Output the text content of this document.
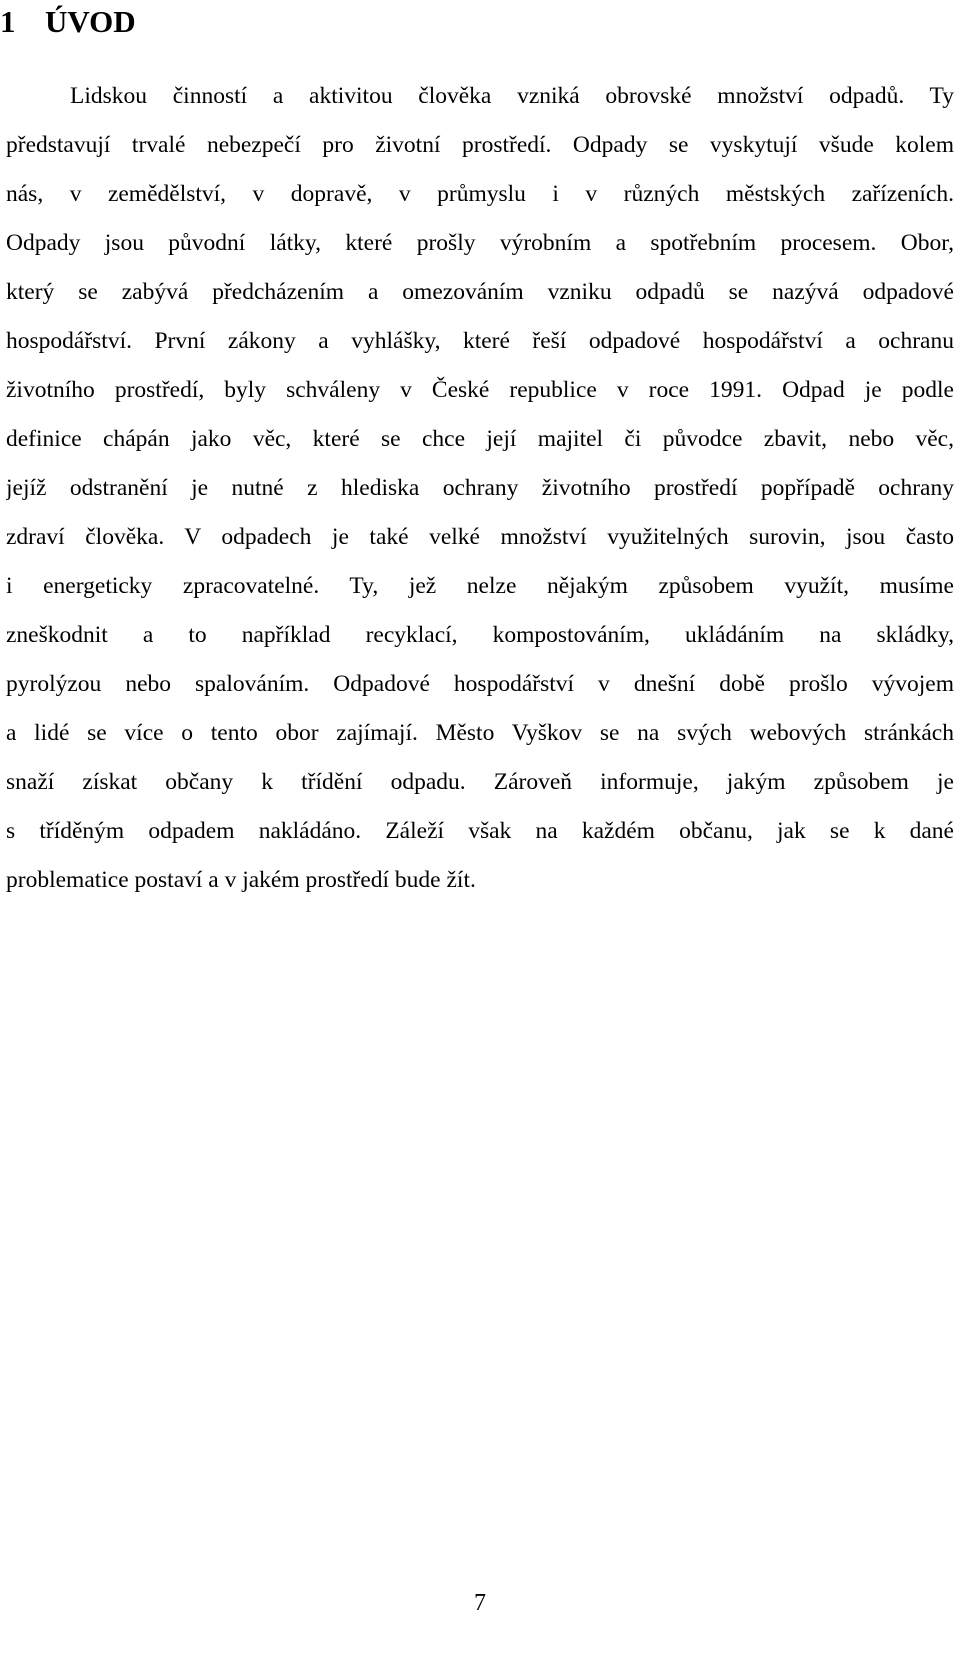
1 ÚVOD
Lidskou činností a aktivitou člověka vzniká obrovské množství odpadů. Ty
představují trvalé nebezpečí pro životní prostředí. Odpady se vyskytují všude kolem
nás, v zemědělství, v dopravě, v průmyslu i v různých městských zařízeních.
Odpady jsou původní látky, které prošly výrobním a spotřebním procesem. Obor,
který se zabývá předcházením a omezováním vzniku odpadů se nazývá odpadové
hospodářství. První zákony a vyhlášky, které řeší odpadové hospodářství a ochranu
životního prostředí, byly schváleny v České republice v roce 1991. Odpad je podle
definice chápán jako věc, které se chce její majitel či původce zbavit, nebo věc,
jejíž odstranění je nutné z hlediska ochrany životního prostředí popřípadě ochrany
zdraví člověka. V odpadech je také velké množství využitelných surovin, jsou často
i energeticky zpracovatelné. Ty, jež nelze nějakým způsobem využít, musíme
zneškodnit a to například recyklací, kompostováním, ukládáním na skládky,
pyrolýzou nebo spalováním. Odpadové hospodářství v dnešní době prošlo vývojem
a lidé se více o tento obor zajímají. Město Vyškov se na svých webových stránkách
snaží získat občany k třídění odpadu. Zároveň informuje, jakým způsobem je
s tříděným odpadem nakládáno. Záleží však na každém občanu, jak se k dané
problematice postaví a v jakém prostředí bude žít.
7
